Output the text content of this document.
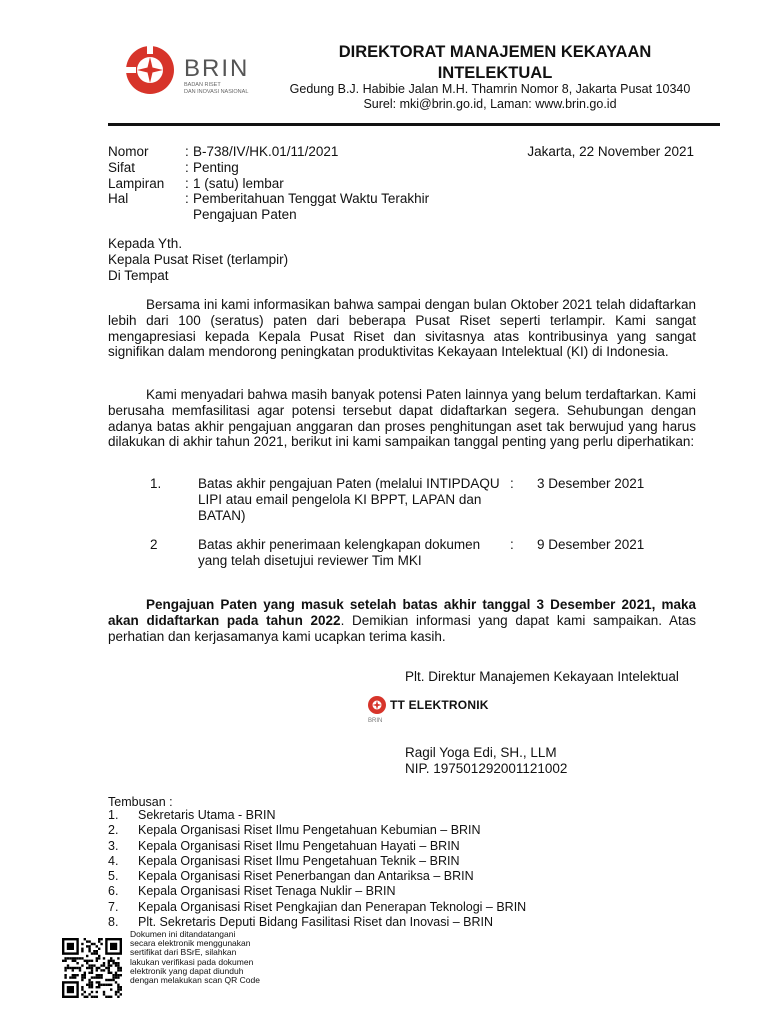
BRIN
BADAN RISET
DAN INOVASI NASIONAL
DIREKTORAT MANAJEMEN KEKAYAAN
INTELEKTUAL
Gedung B.J. Habibie Jalan M.H. Thamrin Nomor 8, Jakarta Pusat 10340
Surel: mki@brin.go.id, Laman: www.brin.go.id
Nomor	: B-738/IV/HK.01/11/2021
Sifat	: Penting
Lampiran	: 1 (satu) lembar
Hal	: Pemberitahuan Tenggat Waktu Terakhir Pengajuan Paten
Jakarta, 22 November 2021
Kepada Yth.
Kepala Pusat Riset (terlampir)
Di Tempat
Bersama ini kami informasikan bahwa sampai dengan bulan Oktober 2021 telah didaftarkan lebih dari 100 (seratus) paten dari beberapa Pusat Riset seperti terlampir. Kami sangat mengapresiasi kepada Kepala Pusat Riset dan sivitasnya atas kontribusinya yang sangat signifikan dalam mendorong peningkatan produktivitas Kekayaan Intelektual (KI) di Indonesia.
Kami menyadari bahwa masih banyak potensi Paten lainnya yang belum terdaftarkan. Kami berusaha memfasilitasi agar potensi tersebut dapat didaftarkan segera. Sehubungan dengan adanya batas akhir pengajuan anggaran dan proses penghitungan aset tak berwujud yang harus dilakukan di akhir tahun 2021, berikut ini kami sampaikan tanggal penting yang perlu diperhatikan:
1.	Batas akhir pengajuan Paten (melalui INTIPDAQU LIPI atau email pengelola KI BPPT, LAPAN dan BATAN)
: 3 Desember 2021
2	Batas akhir penerimaan kelengkapan dokumen yang telah disetujui reviewer Tim MKI
: 9 Desember 2021
Pengajuan Paten yang masuk setelah batas akhir tanggal 3 Desember 2021, maka akan didaftarkan pada tahun 2022. Demikian informasi yang dapat kami sampaikan. Atas perhatian dan kerjasamanya kami ucapkan terima kasih.
Plt. Direktur Manajemen Kekayaan Intelektual
BRIN
TT ELEKTRONIK
Ragil Yoga Edi, SH., LLM
NIP. 197501292001121002
Tembusan :
1.	Sekretaris Utama - BRIN
2.	Kepala Organisasi Riset Ilmu Pengetahuan Kebumian – BRIN
3.	Kepala Organisasi Riset Ilmu Pengetahuan Hayati – BRIN
4.	Kepala Organisasi Riset Ilmu Pengetahuan Teknik – BRIN
5.	Kepala Organisasi Riset Penerbangan dan Antariksa – BRIN
6.	Kepala Organisasi Riset Tenaga Nuklir – BRIN
7.	Kepala Organisasi Riset Pengkajian dan Penerapan Teknologi – BRIN
8.	Plt. Sekretaris Deputi Bidang Fasilitasi Riset dan Inovasi – BRIN
Dokumen ini ditandatangani secara elektronik menggunakan sertifikat dari BSrE, silahkan lakukan verifikasi pada dokumen elektronik yang dapat diunduh dengan melakukan scan QR Code
